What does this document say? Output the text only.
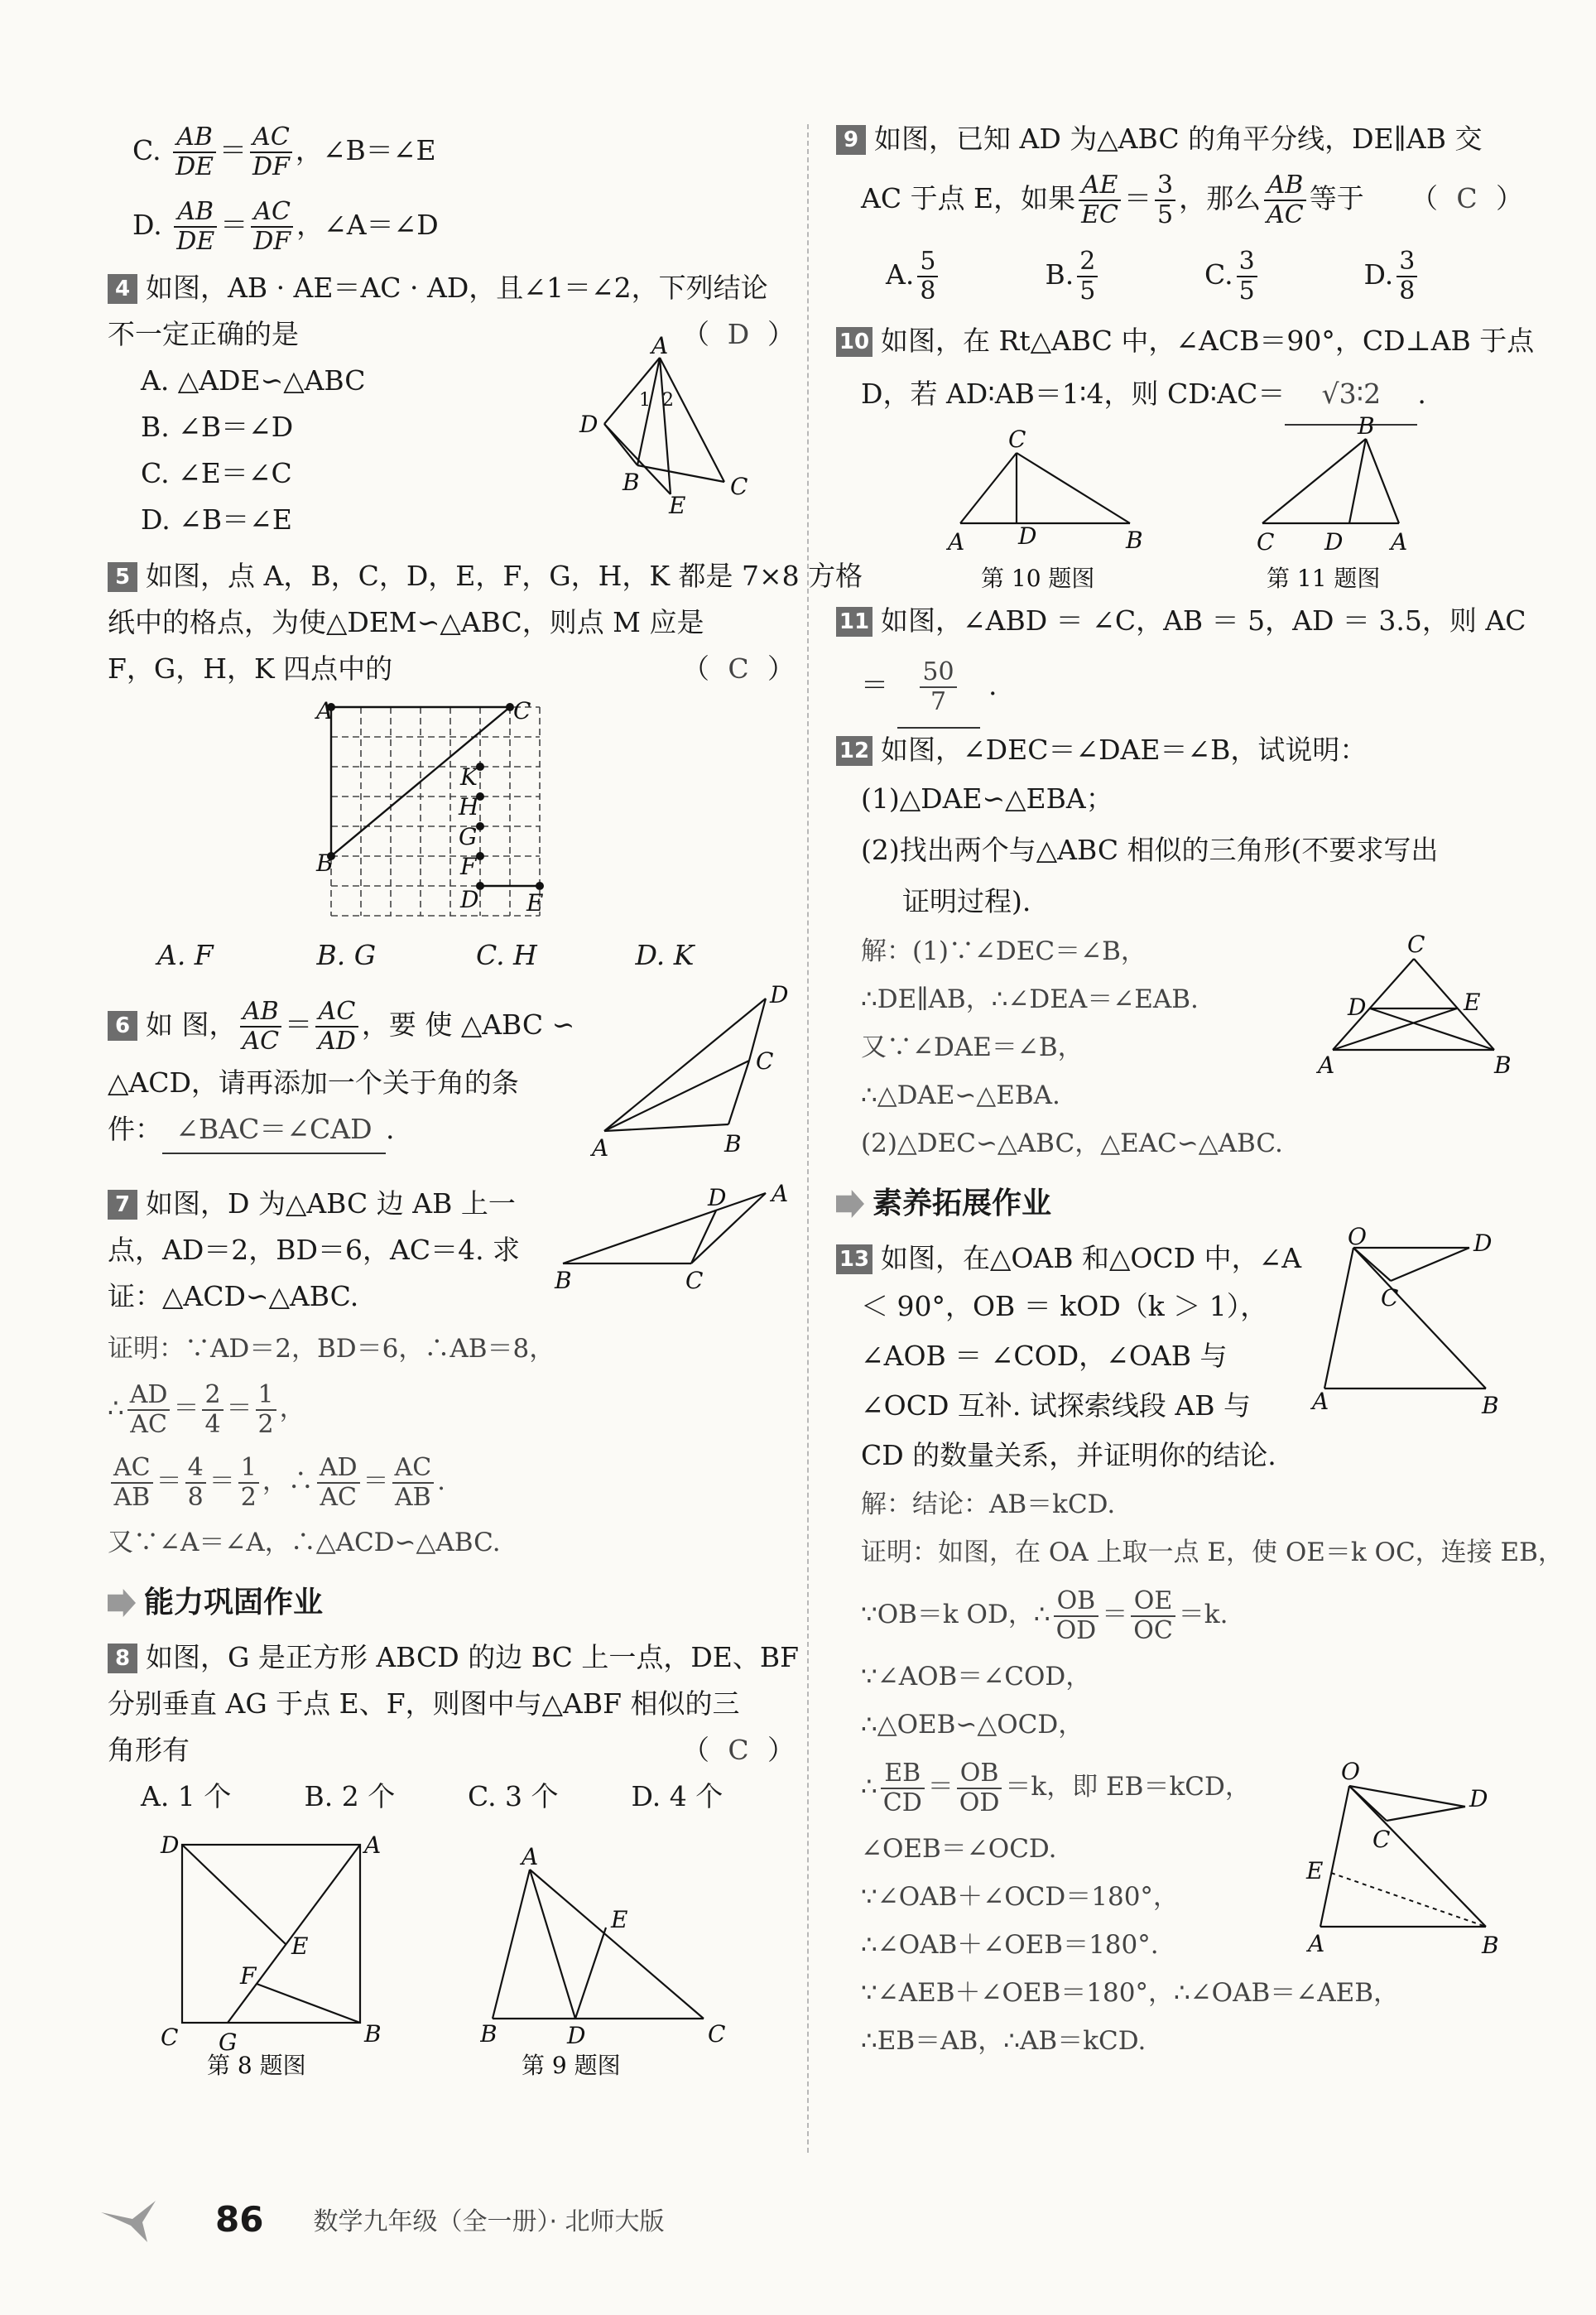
C. $\frac{AB}{DE} = \frac{AC}{DF}$ ，∠B＝∠E
D. $\frac{AB}{DE} = \frac{AC}{DF}$ ，∠A＝∠D
4 如图，AB · AE＝AC · AD，且∠1＝∠2，下列结论
不一定正确的是	（ D ）
A. △ADE∽△ABC
B. ∠B＝∠D
C. ∠E＝∠C
D. ∠B＝∠E
A
D
1 2
B
E
C
5 如图，点 A，B，C，D，E，F，G，H，K 都是 7×8 方格
纸中的格点，为使△DEM∽△ABC，则点 M 应是
F，G，H，K 四点中的	（ C ）
A	C
K
H
B
G
F
D E
A. F	B. G	C. H	D. K
6 如 图， $\frac{AB}{AC} = \frac{AC}{AD}$ ，要 使 △ABC ∽
△ACD，请再添加一个关于角的条
件： ∠BAC＝∠CAD .
D
C
A	B
7 如图，D 为△ABC 边 AB 上一
点，AD＝2，BD＝6，AC＝4. 求
证：△ACD∽△ABC.
D A
B	C
证明：∵AD＝2，BD＝6，∴AB＝8，
∴ $\frac{AD}{AC} = \frac{2}{4} = \frac{1}{2}$ ，
$\frac{AC}{AB} = \frac{4}{8} = \frac{1}{2}$ ，∴ $\frac{AD}{AC} = \frac{AC}{AB}$ .
又∵∠A＝∠A，∴△ACD∽△ABC.
能力巩固作业
8 如图，G 是正方形 ABCD 的边 BC 上一点，DE、BF
分别垂直 AG 于点 E、F，则图中与△ABF 相似的三
角形有	（ C ）
A. 1 个	B. 2 个	C. 3 个	D. 4 个
D	A
E
F
C G	B
第 8 题图
A
E
B	D	C
第 9 题图
9 如图，已知 AD 为△ABC 的角平分线，DE∥AB 交
AC 于点 E，如果 $\frac{AE}{EC} = \frac{3}{5}$ ，那么 $\frac{AB}{AC}$ 等于 （ C ）
A. $\frac{5}{8}$	B. $\frac{2}{5}$	C. $\frac{3}{5}$	D. $\frac{3}{8}$
10 如图，在 Rt△ABC 中，∠ACB＝90°，CD⊥AB 于点
D，若 AD∶AB＝1∶4，则 CD∶AC＝ √3∶2 .
C
A D	B
第 10 题图
B
C D A
第 11 题图
11 如图，∠ABD ＝ ∠C，AB ＝ 5，AD ＝ 3.5，则 AC
＝ $\frac{50}{7}$ .
12 如图，∠DEC＝∠DAE＝∠B，试说明：
(1)△DAE∽△EBA；
(2)找出两个与△ABC 相似的三角形(不要求写出
证明过程).
解：(1)∵∠DEC＝∠B，
∴DE∥AB，∴∠DEA＝∠EAB.
又∵∠DAE＝∠B，
∴△DAE∽△EBA.
(2)△DEC∽△ABC，△EAC∽△ABC.
C
D	E
A	B
素养拓展作业
13 如图，在△OAB 和△OCD 中，∠A
＜ 90°，OB ＝ kOD（k ＞ 1），
∠AOB ＝ ∠COD，∠OAB 与
∠OCD 互补. 试探索线段 AB 与
CD 的数量关系，并证明你的结论.
O	D
C
A	B
解：结论：AB＝kCD.
证明：如图，在 OA 上取一点 E，使 OE＝k OC，连接 EB，
∵OB＝k OD，∴ $\frac{OB}{OD} = \frac{OE}{OC} =k$.
∵∠AOB＝∠COD，
∴△OEB∽△OCD，
∴ $\frac{EB}{CD} = \frac{OB}{OD} =k$，即 EB＝kCD，
∠OEB＝∠OCD.
∵∠OAB＋∠OCD＝180°，
∴∠OAB＋∠OEB＝180°.
∵∠AEB＋∠OEB＝180°，∴∠OAB＝∠AEB，
∴EB＝AB，∴AB＝kCD.
O
D
E
C
A	B
86 数学九年级（全一册）· 北师大版
